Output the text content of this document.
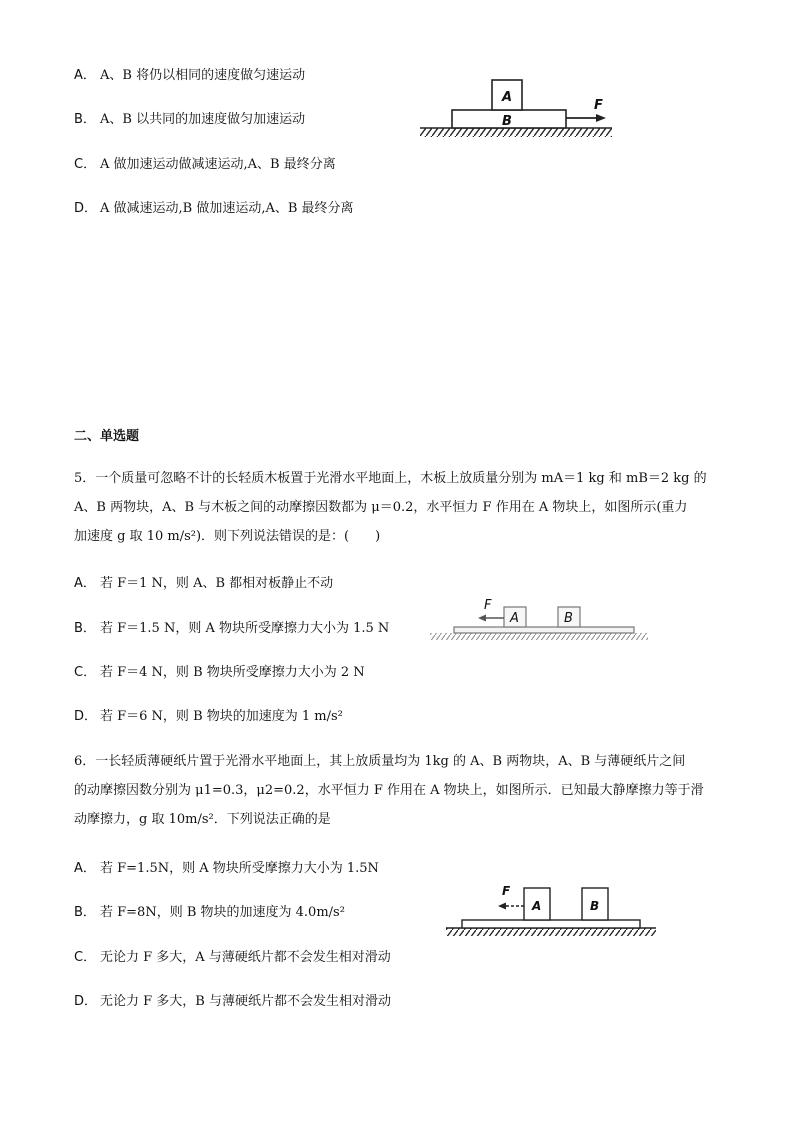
A． A、B 将仍以相同的速度做匀速运动
B． A、B 以共同的加速度做匀加速运动
C． A 做加速运动做减速运动,A、B 最终分离
D． A 做减速运动,B 做加速运动,A、B 最终分离
A
B
F
二、单选题
5．一个质量可忽略不计的长轻质木板置于光滑水平地面上，木板上放质量分别为 mA＝1 kg 和 mB＝2 kg 的
A、B 两物块，A、B 与木板之间的动摩擦因数都为 μ＝0.2，水平恒力 F 作用在 A 物块上，如图所示(重力
加速度 g 取 10 m/s²)．则下列说法错误的是：(　　)
A． 若 F＝1 N，则 A、B 都相对板静止不动
B． 若 F＝1.5 N，则 A 物块所受摩擦力大小为 1.5 N
C． 若 F＝4 N，则 B 物块所受摩擦力大小为 2 N
D． 若 F＝6 N，则 B 物块的加速度为 1 m/s²
A	B
F
6．一长轻质薄硬纸片置于光滑水平地面上，其上放质量均为 1kg 的 A、B 两物块，A、B 与薄硬纸片之间
的动摩擦因数分别为 μ1=0.3，μ2=0.2，水平恒力 F 作用在 A 物块上，如图所示．已知最大静摩擦力等于滑
动摩擦力，g 取 10m/s²．下列说法正确的是
A． 若 F=1.5N，则 A 物块所受摩擦力大小为 1.5N
B． 若 F=8N，则 B 物块的加速度为 4.0m/s²
C． 无论力 F 多大，A 与薄硬纸片都不会发生相对滑动
D． 无论力 F 多大，B 与薄硬纸片都不会发生相对滑动
A	B
F
